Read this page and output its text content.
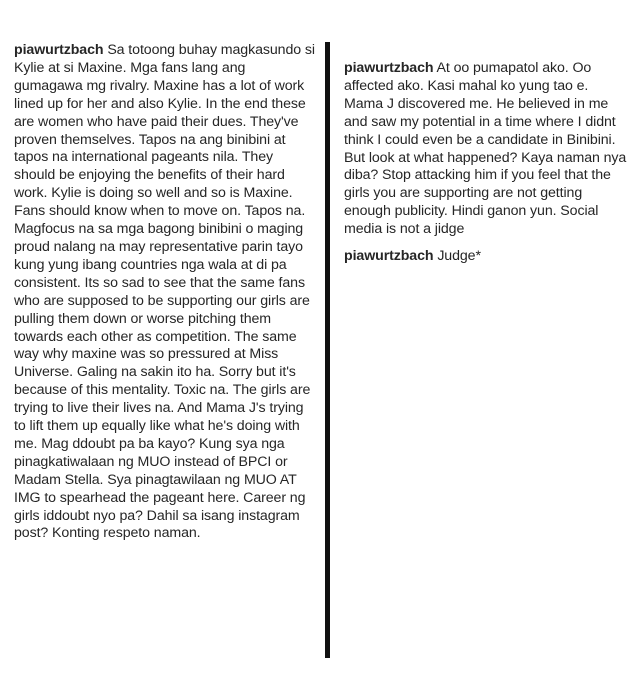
piawurtzbach Sa totoong buhay magkasundo si Kylie at si Maxine. Mga fans lang ang gumagawa mg rivalry. Maxine has a lot of work lined up for her and also Kylie. In the end these are women who have paid their dues. They've proven themselves. Tapos na ang binibini at tapos na international pageants nila. They should be enjoying the benefits of their hard work. Kylie is doing so well and so is Maxine. Fans should know when to move on. Tapos na. Magfocus na sa mga bagong binibini o maging proud nalang na may representative parin tayo kung yung ibang countries nga wala at di pa consistent. Its so sad to see that the same fans who are supposed to be supporting our girls are pulling them down or worse pitching them towards each other as competition. The same way why maxine was so pressured at Miss Universe. Galing na sakin ito ha. Sorry but it's because of this mentality. Toxic na. The girls are trying to live their lives na. And Mama J's trying to lift them up equally like what he's doing with me. Mag ddoubt pa ba kayo? Kung sya nga pinagkatiwalaan ng MUO instead of BPCI or Madam Stella. Sya pinagtawilaan ng MUO AT IMG to spearhead the pageant here. Career ng girls iddoubt nyo pa? Dahil sa isang instagram post? Konting respeto naman.

piawurtzbach At oo pumapatol ako. Oo affected ako. Kasi mahal ko yung tao e. Mama J discovered me. He believed in me and saw my potential in a time where I didnt think I could even be a candidate in Binibini. But look at what happened? Kaya naman nya diba? Stop attacking him if you feel that the girls you are supporting are not getting enough publicity. Hindi ganon yun. Social media is not a jidge

piawurtzbach Judge*
